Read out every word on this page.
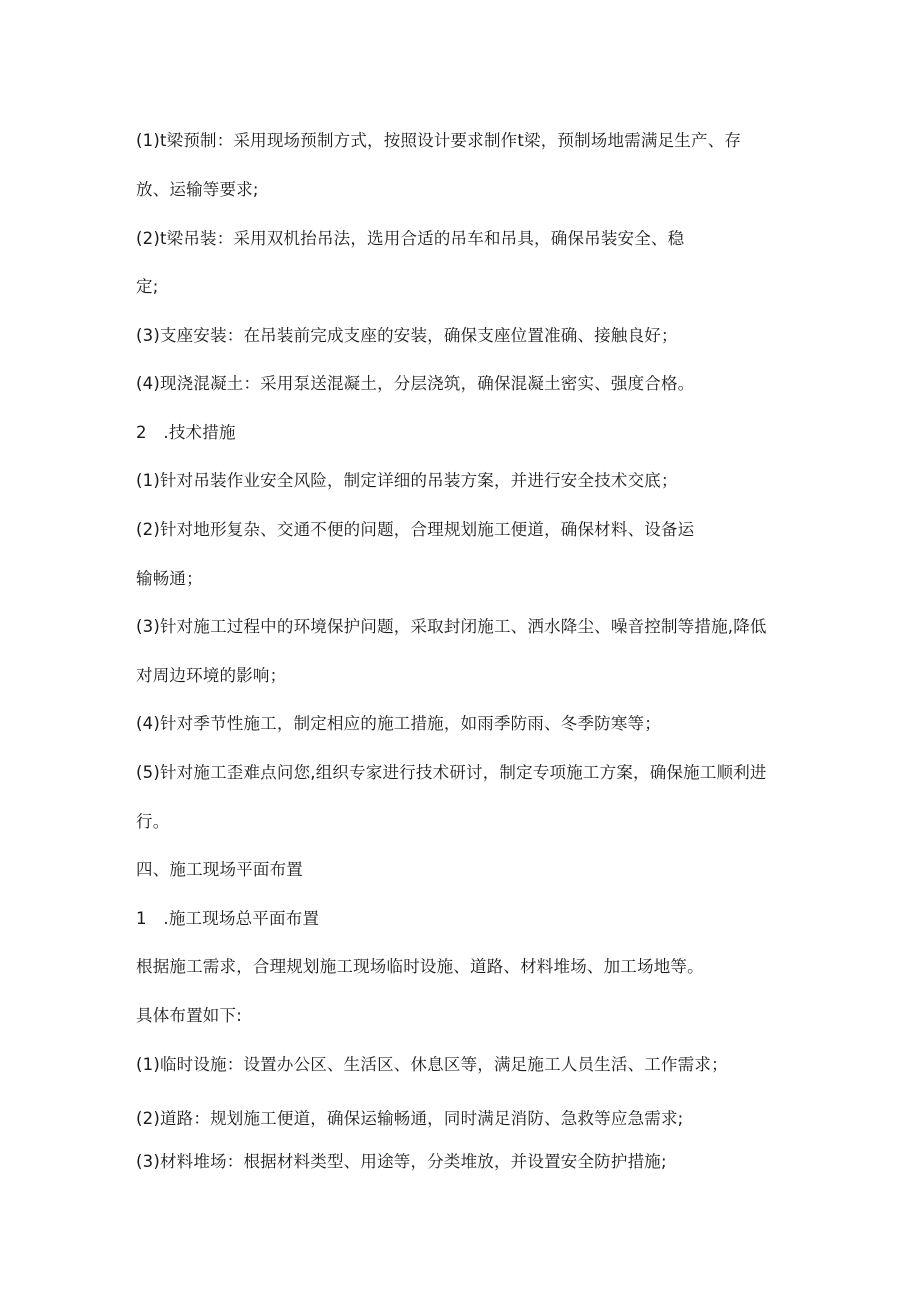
(1)t梁预制：采用现场预制方式，按照设计要求制作t梁，预制场地需满足生产、存
放、运输等要求;
(2)t梁吊装：采用双机抬吊法，选用合适的吊车和吊具，确保吊装安全、稳
定;
(3)支座安装：在吊装前完成支座的安装，确保支座位置准确、接触良好；
(4)现浇混凝土：采用泵送混凝土，分层浇筑，确保混凝土密实、强度合格。
2　.技术措施
(1)针对吊装作业安全风险，制定详细的吊装方案，并进行安全技术交底；
(2)针对地形复杂、交通不便的问题，合理规划施工便道，确保材料、设备运
输畅通；
(3)针对施工过程中的环境保护问题，采取封闭施工、洒水降尘、噪音控制等措施,降低
对周边环境的影响；
(4)针对季节性施工，制定相应的施工措施，如雨季防雨、冬季防寒等；
(5)针对施工歪难点问您,组织专家进行技术研讨，制定专项施工方案，确保施工顺利进
行。
四、施工现场平面布置
1　.施工现场总平面布置
根据施工需求，合理规划施工现场临时设施、道路、材料堆场、加工场地等。
具体布置如下:
(1)临时设施：设置办公区、生活区、休息区等，满足施工人员生活、工作需求；
(2)道路：规划施工便道，确保运输畅通，同时满足消防、急救等应急需求;
(3)材料堆场：根据材料类型、用途等，分类堆放，并设置安全防护措施;
